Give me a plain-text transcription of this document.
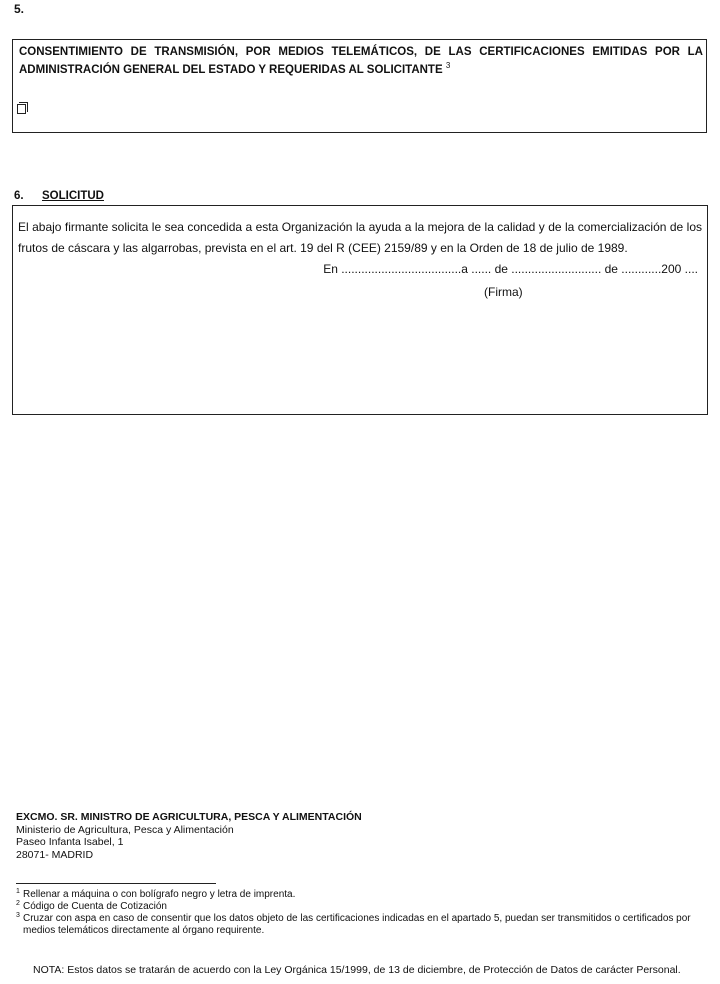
5.
CONSENTIMIENTO DE TRANSMISIÓN, POR MEDIOS TELEMÁTICOS, DE LAS CERTIFICACIONES EMITIDAS POR LA ADMINISTRACIÓN GENERAL DEL ESTADO Y REQUERIDAS AL SOLICITANTE $^3$
6. SOLICITUD
El abajo firmante solicita le sea concedida a esta Organización la ayuda a la mejora de la calidad y de la comercialización de los frutos de cáscara y las algarrobas, prevista en el art. 19 del R (CEE) 2159/89 y en la Orden de 18 de julio de 1989.
En ....................................a ...... de ........................... de ............200 ....
(Firma)
EXCMO. SR. MINISTRO DE AGRICULTURA, PESCA Y ALIMENTACIÓN
Ministerio de Agricultura, Pesca y Alimentación
Paseo Infanta Isabel, 1
28071- MADRID
1 Rellenar a máquina o con bolígrafo negro y letra de imprenta.
2 Código de Cuenta de Cotización
3 Cruzar con aspa en caso de consentir que los datos objeto de las certificaciones indicadas en el apartado 5, puedan ser transmitidos o certificados por medios telemáticos directamente al órgano requirente.
NOTA: Estos datos se tratarán de acuerdo con la Ley Orgánica 15/1999, de 13 de diciembre, de Protección de Datos de carácter Personal.
